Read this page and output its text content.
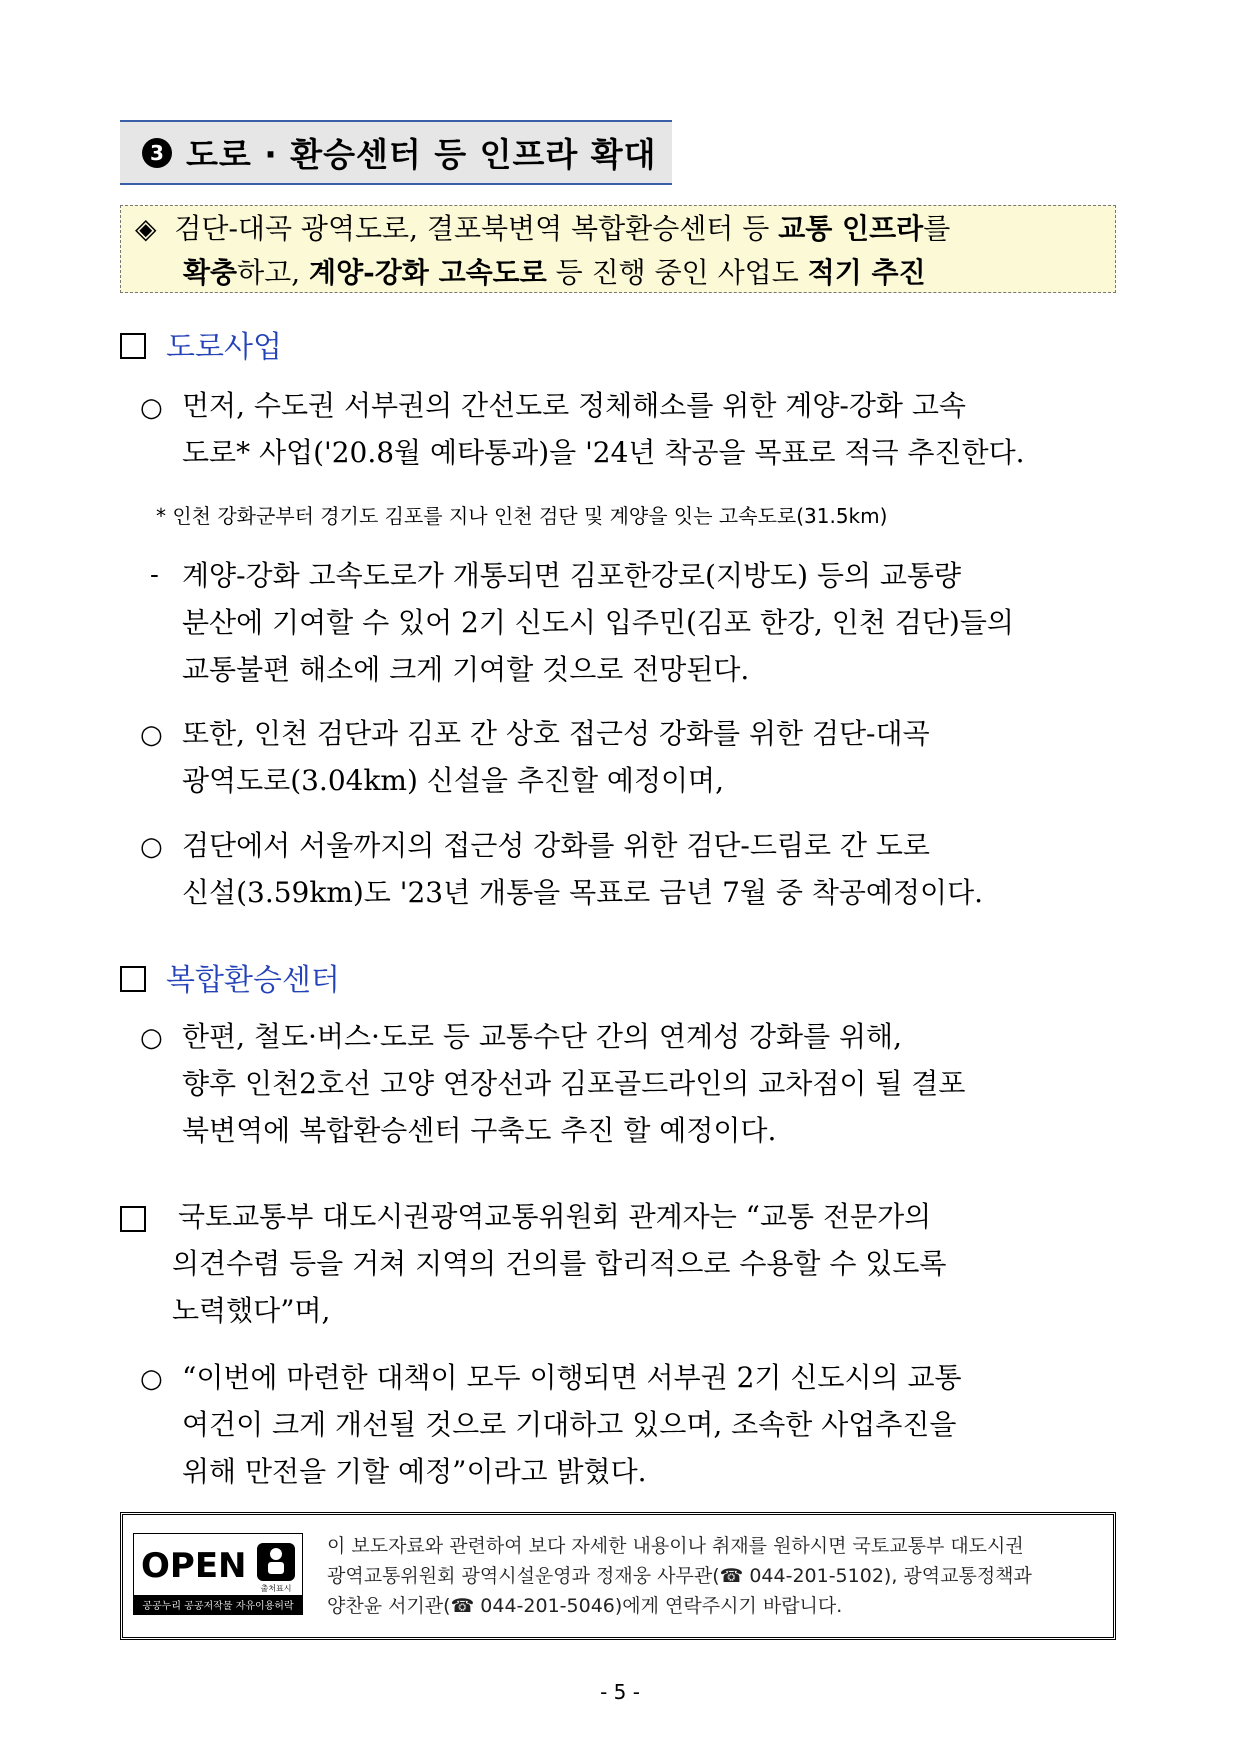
3 도로 · 환승센터 등 인프라 확대
◈ 검단-대곡 광역도로, 결포북변역 복합환승센터 등 교통 인프라를
확충하고, 계양-강화 고속도로 등 진행 중인 사업도 적기 추진
도로사업
○ 먼저, 수도권 서부권의 간선도로 정체해소를 위한 계양-강화 고속
도로* 사업('20.8월 예타통과)을 '24년 착공을 목표로 적극 추진한다.
* 인천 강화군부터 경기도 김포를 지나 인천 검단 및 계양을 잇는 고속도로(31.5km)
- 계양-강화 고속도로가 개통되면 김포한강로(지방도) 등의 교통량
분산에 기여할 수 있어 2기 신도시 입주민(김포 한강, 인천 검단)들의
교통불편 해소에 크게 기여할 것으로 전망된다.
○ 또한, 인천 검단과 김포 간 상호 접근성 강화를 위한 검단-대곡
광역도로(3.04km) 신설을 추진할 예정이며,
○ 검단에서 서울까지의 접근성 강화를 위한 검단-드림로 간 도로
신설(3.59km)도 '23년 개통을 목표로 금년 7월 중 착공예정이다.
복합환승센터
○ 한편, 철도·버스·도로 등 교통수단 간의 연계성 강화를 위해,
향후 인천2호선 고양 연장선과 김포골드라인의 교차점이 될 결포
북변역에 복합환승센터 구축도 추진 할 예정이다.
국토교통부 대도시권광역교통위원회 관계자는 “교통 전문가의
의견수렴 등을 거쳐 지역의 건의를 합리적으로 수용할 수 있도록
노력했다”며,
○ “이번에 마련한 대책이 모두 이행되면 서부권 2기 신도시의 교통
여건이 크게 개선될 것으로 기대하고 있으며, 조속한 사업추진을
위해 만전을 기할 예정”이라고 밝혔다.
OPEN
출처표시
공공누리 공공저작물 자유이용허락
이 보도자료와 관련하여 보다 자세한 내용이나 취재를 원하시면 국토교통부 대도시권
광역교통위원회 광역시설운영과 정재웅 사무관(☎ 044-201-5102), 광역교통정책과
양찬윤 서기관(☎ 044-201-5046)에게 연락주시기 바랍니다.
- 5 -
